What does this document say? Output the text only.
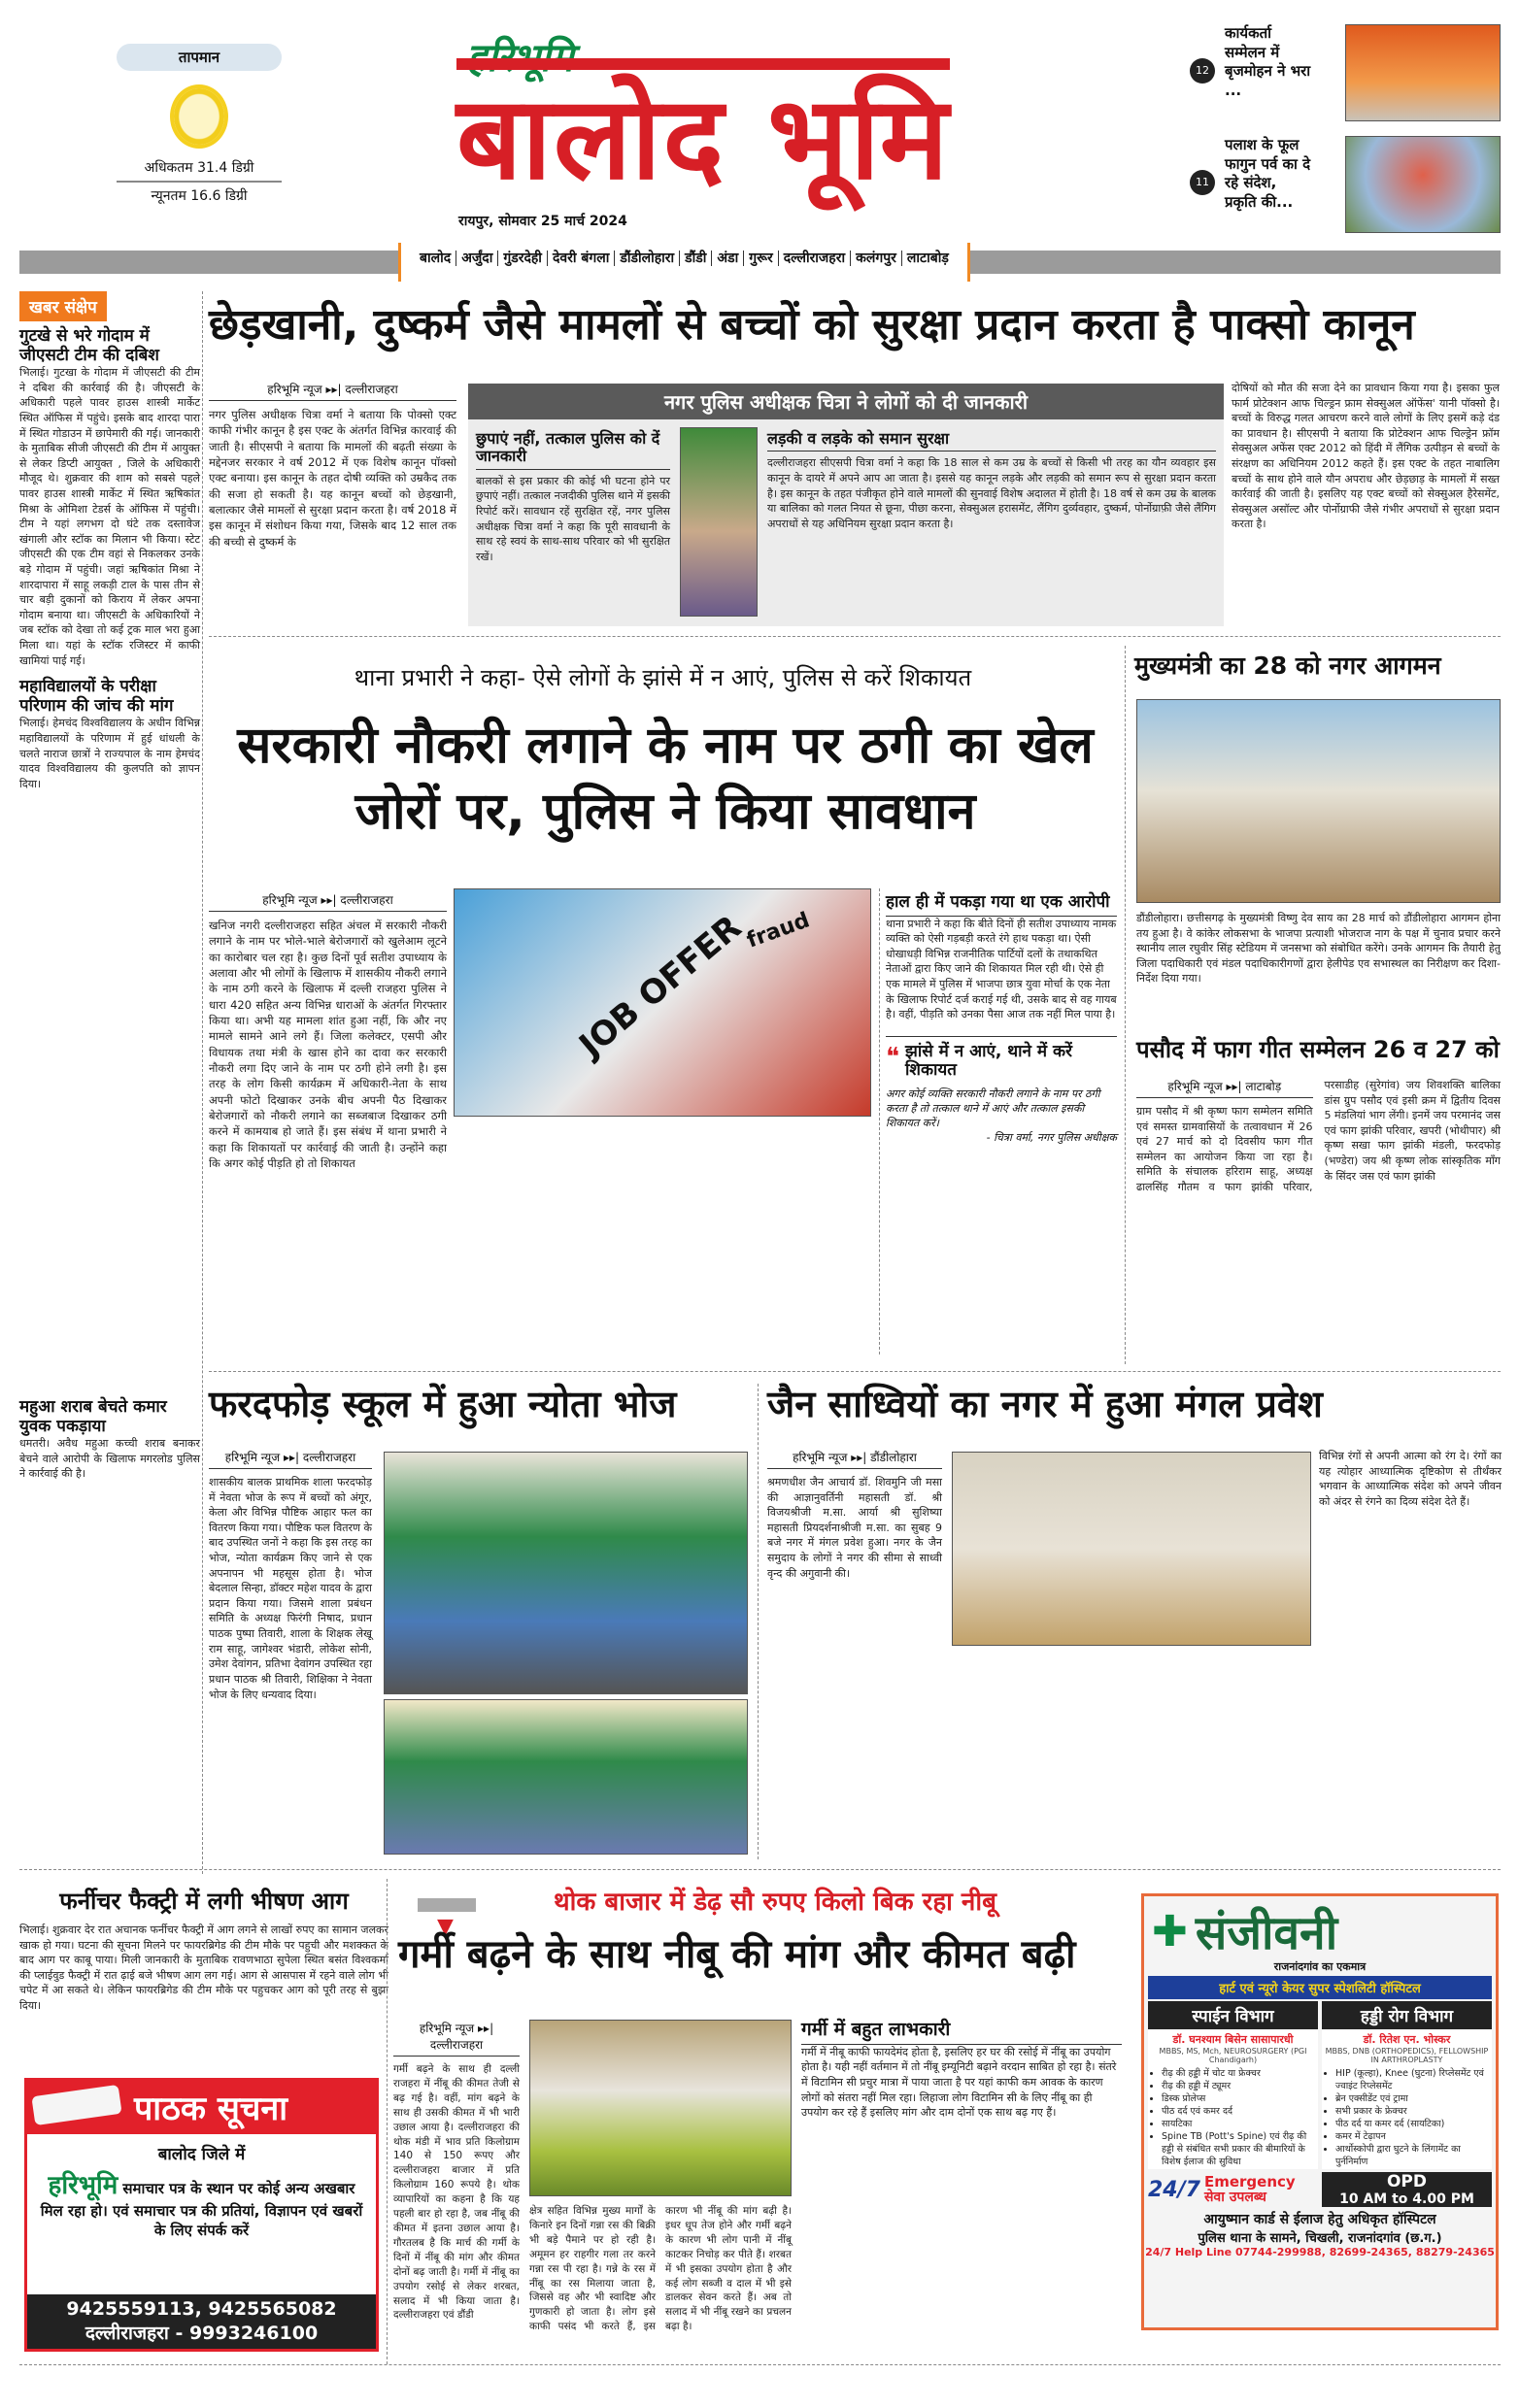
तापमान
अधिकतम 31.4 डिग्री
न्यूनतम 16.6 डिग्री
हरिभूमि
बालोद भूमि
रायपुर, सोमवार 25 मार्च 2024
12
कार्यकर्ता सम्मेलन में बृजमोहन ने भरा ...
11
पलाश के फूल फागुन पर्व का दे रहे संदेश, प्रकृति की...
बालोद अर्जुंदा गुंडरदेही देवरी बंगला डौंडीलोहारा डौंडी अंडा गुरूर दल्लीराजहरा कलंगपुर लाटाबोड़
खबर संक्षेप
गुटखे से भरे गोदाम में जीएसटी टीम की दबिश
भिलाई। गुटखा के गोदाम में जीएसटी की टीम ने दबिश की कार्रवाई की है। जीएसटी के अधिकारी पहले पावर हाउस शास्त्री मार्केट स्थित ऑफिस में पहुंचे। इसके बाद शारदा पारा में स्थित गोडाउन में छापेमारी की गई। जानकारी के मुताबिक सीजी जीएसटी की टीम में आयुक्त से लेकर डिप्टी आयुक्त , जिले के अधिकारी मौजूद थे। शुक्रवार की शाम को सबसे पहले पावर हाउस शास्त्री मार्केट में स्थित ऋषिकांत मिश्रा के ओमिशा टेडर्स के ऑफिस में पहुंची। टीम ने यहां लगभग दो घंटे तक दस्तावेज खंगाली और स्टॉक का मिलान भी किया। स्टेट जीएसटी की एक टीम वहां से निकलकर उनके बड़े गोदाम में पहुंची। जहां ऋषिकांत मिश्रा ने शारदापारा में साहू लकड़ी टाल के पास तीन से चार बड़ी दुकानों को किराय में लेकर अपना गोदाम बनाया था। जीएसटी के अधिकारियों ने जब स्टॉक को देखा तो कई ट्रक माल भरा हुआ मिला था। यहां के स्टॉक रजिस्टर में काफी खामियां पाई गई।
महाविद्यालयों के परीक्षा परिणाम की जांच की मांग
भिलाई। हेमचंद विश्वविद्यालय के अधीन विभिन्न महाविद्यालयों के परिणाम में हुई धांधली के चलते नाराज छात्रों ने राज्यपाल के नाम हेमचंद यादव विश्वविद्यालय की कुलपति को ज्ञापन दिया।
महुआ शराब बेचते कमार युवक पकड़ाया
धमतरी। अवैध महुआ कच्ची शराब बनाकर बेचने वाले आरोपी के खिलाफ मगरलोड पुलिस ने कार्रवाई की है।
छेड़खानी, दुष्कर्म जैसे मामलों से बच्चों को सुरक्षा प्रदान करता है पाक्सो कानून
हरिभूमि न्यूज ▸▸| दल्लीराजहरा
नगर पुलिस अधीक्षक चित्रा वर्मा ने बताया कि पोक्सो एक्ट काफी गंभीर कानून है इस एक्ट के अंतर्गत विभिन्न कारवाई की जाती है। सीएसपी ने बताया कि मामलों की बढ़ती संख्या के मद्देनजर सरकार ने वर्ष 2012 में एक विशेष कानून पॉक्सो एक्ट बनाया। इस कानून के तहत दोषी व्यक्ति को उम्रकैद तक की सजा हो सकती है। यह कानून बच्चों को छेड़खानी, बलात्कार जैसे मामलों से सुरक्षा प्रदान करता है। वर्ष 2018 में इस कानून में संशोधन किया गया, जिसके बाद 12 साल तक की बच्ची से दुष्कर्म के
नगर पुलिस अधीक्षक चित्रा ने लोगों को दी जानकारी
छुपाएं नहीं, तत्काल पुलिस को दें जानकारी
बालकों से इस प्रकार की कोई भी घटना होने पर छुपाएं नहीं। तत्काल नजदीकी पुलिस थाने में इसकी रिपोर्ट करें। सावधान रहें सुरक्षित रहें, नगर पुलिस अधीक्षक चित्रा वर्मा ने कहा कि पूरी सावधानी के साथ रहे स्वयं के साथ-साथ परिवार को भी सुरक्षित रखें।
लड़की व लड़के को समान सुरक्षा
दल्लीराजहरा सीएसपी चित्रा वर्मा ने कहा कि 18 साल से कम उम्र के बच्चों से किसी भी तरह का यौन व्यवहार इस कानून के दायरे में अपने आप आ जाता है। इससे यह कानून लड़के और लड़की को समान रूप से सुरक्षा प्रदान करता है। इस कानून के तहत पंजीकृत होने वाले मामलों की सुनवाई विशेष अदालत में होती है। 18 वर्ष से कम उम्र के बालक या बालिका को गलत नियत से छूना, पीछा करना, सेक्सुअल हरासमेंट, लैंगिग दुर्व्यवहार, दुष्कर्म, पोर्नोग्राफ़ी जैसे लैंगिग अपराधों से यह अधिनियम सुरक्षा प्रदान करता है।
दोषियों को मौत की सजा देने का प्रावधान किया गया है। इसका फुल फार्म प्रोटेक्शन आफ चिल्ड्रन फ्राम सेक्सुअल ऑफेंस' यानी पॉक्सो है। बच्चों के विरुद्ध गलत आचरण करने वाले लोगों के लिए इसमें कड़े दंड का प्रावधान है। सीएसपी ने बताया कि प्रोटेक्शन आफ चिल्ड्रेन फ्रॉम सेक्सुअल अफेंस एक्ट 2012 को हिंदी में लैंगिक उत्पीड़न से बच्चों के संरक्षण का अधिनियम 2012 कहते हैं। इस एक्ट के तहत नाबालिग बच्चों के साथ होने वाले यौन अपराध और छेड़छाड़ के मामलों में सख्त कार्रवाई की जाती है। इसलिए यह एक्ट बच्चों को सेक्सुअल हैरेसमेंट, सेक्सुअल असॉल्ट और पोर्नोग्राफी जैसे गंभीर अपराधों से सुरक्षा प्रदान करता है।
थाना प्रभारी ने कहा- ऐसे लोगों के झांसे में न आएं, पुलिस से करें शिकायत
सरकारी नौकरी लगाने के नाम पर ठगी का खेल जोरों पर, पुलिस ने किया सावधान
हरिभूमि न्यूज ▸▸| दल्लीराजहरा
खनिज नगरी दल्लीराजहरा सहित अंचल में सरकारी नौकरी लगाने के नाम पर भोले-भाले बेरोजगारों को खुलेआम लूटने का कारोबार चल रहा है। कुछ दिनों पूर्व सतीश उपाध्याय के अलावा और भी लोगों के खिलाफ में शासकीय नौकरी लगाने के नाम ठगी करने के खिलाफ में दल्ली राजहरा पुलिस ने धारा 420 सहित अन्य विभिन्न धाराओं के अंतर्गत गिरफ्तार किया था। अभी यह मामला शांत हुआ नहीं, कि और नए मामले सामने आने लगे हैं। जिला कलेक्टर, एसपी और विधायक तथा मंत्री के खास होने का दावा कर सरकारी नौकरी लगा दिए जाने के नाम पर ठगी होने लगी है। इस तरह के लोग किसी कार्यक्रम में अधिकारी-नेता के साथ अपनी फोटो दिखाकर उनके बीच अपनी पैठ दिखाकर बेरोजगारों को नौकरी लगाने का सब्जबाज दिखाकर ठगी करने में कामयाब हो जाते हैं। इस संबंध में थाना प्रभारी ने कहा कि शिकायतों पर कार्रवाई की जाती है। उन्होंने कहा कि अगर कोई पीड़ति हो तो शिकायत
JOB OFFER
fraud
हाल ही में पकड़ा गया था एक आरोपी
थाना प्रभारी ने कहा कि बीते दिनों ही सतीश उपाध्याय नामक व्यक्ति को ऐसी गड़बड़ी करते रंगे हाथ पकड़ा था। ऐसी धोखाधड़ी विभिन्न राजनीतिक पार्टियों दलों के तथाकथित नेताओं द्वारा किए जाने की शिकायत मिल रही थी। ऐसे ही एक मामले में पुलिस में भाजपा छात्र युवा मोर्चा के एक नेता के खिलाफ रिपोर्ट दर्ज कराई गई थी, उसके बाद से वह गायब है। वहीं, पीड़ति को उनका पैसा आज तक नहीं मिल पाया है।
❝ झांसे में न आएं, थाने में करें शिकायत
अगर कोई व्यक्ति सरकारी नौकरी लगाने के नाम पर ठगी करता है तो तत्काल थाने में आएं और तत्काल इसकी शिकायत करें।
- चित्रा वर्मा, नगर पुलिस अधीक्षक
मुख्यमंत्री का 28 को नगर आगमन
डौंडीलोहारा। छत्तीसगढ़ के मुख्यमंत्री विष्णु देव साय का 28 मार्च को डौंडीलोहारा आगमन होना तय हुआ है। वे कांकेर लोकसभा के भाजपा प्रत्याशी भोजराज नाग के पक्ष में चुनाव प्रचार करने स्थानीय लाल रघुवीर सिंह स्टेडियम में जनसभा को संबोधित करेंगे। उनके आगमन कि तैयारी हेतु जिला पदाधिकारी एवं मंडल पदाधिकारीगणों द्वारा हेलीपेड एव सभास्थल का निरीक्षण कर दिशा-निर्देश दिया गया।
पसौद में फाग गीत सम्मेलन 26 व 27 को
हरिभूमि न्यूज ▸▸| लाटाबोड़
ग्राम पसौद में श्री कृष्ण फाग सम्मेलन समिति एवं समस्त ग्रामवासियों के तत्वावधान में 26 एवं 27 मार्च को दो दिवसीय फाग गीत सम्मेलन का आयोजन किया जा रहा है। समिति के संचालक हरिराम साहू, अध्यक्ष ढालसिंह गौतम व फाग झांकी परिवार, परसाडीह (सुरेगांव) जय शिवशक्ति बालिका डांस ग्रुप पसौद एवं इसी क्रम में द्वितीय दिवस 5 मंडलियां भाग लेंगी। इनमें जय परमानंद जस एवं फाग झांकी परिवार, खपरी (भोथीपार) श्री कृष्ण सखा फाग झांकी मंडली, फरदफोड़ (भण्डेरा) जय श्री कृष्ण लोक सांस्कृतिक माँग के सिंदर जस एवं फाग झांकी
फरदफोड़ स्कूल में हुआ न्योता भोज	जैन साध्वियों का नगर में हुआ मंगल प्रवेश
हरिभूमि न्यूज ▸▸| दल्लीराजहरा
शासकीय बालक प्राथमिक शाला फरदफोड़ में नेवता भोज के रूप में बच्चों को अंगूर, केला और विभिन्न पौष्टिक आहार फल का वितरण किया गया। पौष्टिक फल वितरण के बाद उपस्थित जनों ने कहा कि इस तरह का भोज, न्योता कार्यक्रम किए जाने से एक अपनापन भी महसूस होता है। भोज बेदलाल सिन्हा, डॉक्टर महेश यादव के द्वारा प्रदान किया गया। जिसमे शाला प्रबंधन समिति के अध्यक्ष फिरंगी निषाद, प्रधान पाठक पुष्पा तिवारी, शाला के शिक्षक लेखू राम साहू, जागेश्वर भंडारी, लोकेश सोनी, उमेश देवांगन, प्रतिभा देवांगन उपस्थित रहा प्रधान पाठक श्री तिवारी, शिक्षिका ने नेवता भोज के लिए धन्यवाद दिया।
हरिभूमि न्यूज ▸▸| डौंडीलोहारा
श्रमणधीश जैन आचार्य डॉ. शिवमुनि जी मसा की आज्ञानुवर्तिनी महासती डॉ. श्री विजयश्रीजी म.सा. आर्या श्री सुशिष्या महासती प्रियदर्शनाश्रीजी म.सा. का सुबह 9 बजे नगर में मंगल प्रवेश हुआ। नगर के जैन समुदाय के लोगों ने नगर की सीमा से साध्वी वृन्द की अगुवानी की।
विभिन्न रंगों से अपनी आत्मा को रंग दे। रंगों का यह त्योहार आध्यात्मिक दृष्टिकोण से तीर्थंकर भगवान के आध्यात्मिक संदेश को अपने जीवन को अंदर से रंगने का दिव्य संदेश देते हैं।
फर्नीचर फैक्ट्री में लगी भीषण आग
भिलाई। शुक्रवार देर रात अचानक फर्नीचर फैक्ट्री में आग लगने से लाखों रुपए का सामान जलकर खाक हो गया। घटना की सूचना मिलने पर फायरब्रिगेड की टीम मौके पर पहुची और मशक्कत के बाद आग पर काबू पाया। मिली जानकारी के मुताबिक रावणभाठा सुपेला स्थित बसंत विश्वकर्मा की प्लाईवुड फैक्ट्री में रात ढ़ाई बजे भीषण आग लग गई। आग से आसपास में रहने वाले लोग भी चपेट में आ सकते थे। लेकिन फायरब्रिगेड की टीम मौके पर पहुचकर आग को पूरी तरह से बुझा दिया।
पाठक सूचना
बालोद जिले में
हरिभूमि समाचार पत्र के स्थान पर कोई अन्य अखबार मिल रहा हो। एवं समाचार पत्र की प्रतियां, विज्ञापन एवं खबरों के लिए संपर्क करें
9425559113, 9425565082
दल्लीराजहरा - 9993246100
▼
थोक बाजार में डेढ़ सौ रुपए किलो बिक रहा नीबू
गर्मी बढ़ने के साथ नीबू की मांग और कीमत बढ़ी
हरिभूमि न्यूज ▸▸| दल्लीराजहरा
गर्मी बढ़ने के साथ ही दल्ली राजहरा में नींबू की कीमत तेजी से बढ़ गई है। वहीं, मांग बढ़ने के साथ ही उसकी कीमत में भी भारी उछाल आया है। दल्लीराजहरा की थोक मंडी में भाव प्रति किलोग्राम 140 से 150 रूपए और दल्लीराजहरा बाजार में प्रति किलोग्राम 160 रूपये है। थोक व्यापारियों का कहना है कि यह पहली बार हो रहा है, जब नींबू की कीमत में इतना उछाल आया है। गौरतलब है कि मार्च की गर्मी के दिनों में नींबू की मांग और कीमत दोनों बढ़ जाती है। गर्मी में नींबू का उपयोग रसोई से लेकर शरबत, सलाद में भी किया जाता है। दल्लीराजहरा एवं डौंडी
क्षेत्र सहित विभिन्न मुख्य मार्गों के किनारे इन दिनों गन्ना रस की बिक्री भी बड़े पैमाने पर हो रही है। अमूमन हर राहगीर गला तर करने गन्ना रस पी रहा है। गन्ने के रस में नींबू का रस मिलाया जाता है, जिससे वह और भी स्वादिष्ट और गुणकारी हो जाता है। लोग इसे काफी पसंद भी करते हैं, इस कारण भी नींबू की मांग बढ़ी है। इधर धूप तेज होने और गर्मी बढ़ने के कारण भी लोग पानी में नींबू काटकर निचोड़ कर पीते हैं। शरबत में भी इसका उपयोग होता है और कई लोग सब्जी व दाल में भी इसे डालकर सेवन करते हैं। अब तो सलाद में भी नींबू रखने का प्रचलन बढ़ा है।
गर्मी में बहुत लाभकारी
गर्मी में नीबू काफी फायदेमंद होता है, इसलिए हर घर की रसोई में नींबू का उपयोग होता है। यही नहीं वर्तमान में तो नींबू इम्यूनिटी बढ़ाने वरदान साबित हो रहा है। संतरे में विटामिन सी प्रचुर मात्रा में पाया जाता है पर यहां काफी कम आवक के कारण लोगों को संतरा नहीं मिल रहा। लिहाजा लोग विटामिन सी के लिए नींबू का ही उपयोग कर रहे हैं इसलिए मांग और दाम दोनों एक साथ बढ़ गए हैं।
✚ संजीवनी
राजनांदगांव का एकमात्र
हार्ट एवं न्यूरो केयर सुपर स्पेशलिटी हॉस्पिटल
स्पाईन विभाग
डॉ. घनश्याम बिसेन सासापारधी
MBBS, MS, Mch, NEUROSURGERY (PGI Chandigarh)
• रीढ़ की हड्डी में चोट या फ्रेक्चर
• रीढ़ की हड्डी में ट्यूमर
• डिस्क प्रोलेप्स
• पीठ दर्द एवं कमर दर्द
• सायटिका
• Spine TB (Pott's Spine) एवं रीढ़ की हड्डी से संबंधित सभी प्रकार की बीमारियों के विशेष ईलाज की सुविधा
हड्डी रोग विभाग
डॉ. रितेश एन. भोस्कर
MBBS, DNB (ORTHOPEDICS), FELLOWSHIP IN ARTHROPLASTY
• HIP (कूल्हा), Knee (घुटना) रिप्लेसमेंट एवं ज्वाइंट रिप्लेसमेंट
• ब्रेन एक्सीडेंट एवं ट्रामा
• सभी प्रकार के फ्रेक्चर
• पीठ दर्द या कमर दर्द (सायटिका)
• कमर में टेढ़ापन
• आर्थोस्कोपी द्वारा घुटने के लिंगामेंट का पुर्ननिर्माण
24/7 Emergency
सेवा उपलब्ध
OPD
10 AM to 4.00 PM
आयुष्मान कार्ड से ईलाज हेतु अधिकृत हॉस्पिटल
पुलिस थाना के सामने, चिखली, राजनांदगांव (छ.ग.)
24/7 Help Line 07744-299988, 82699-24365, 88279-24365
